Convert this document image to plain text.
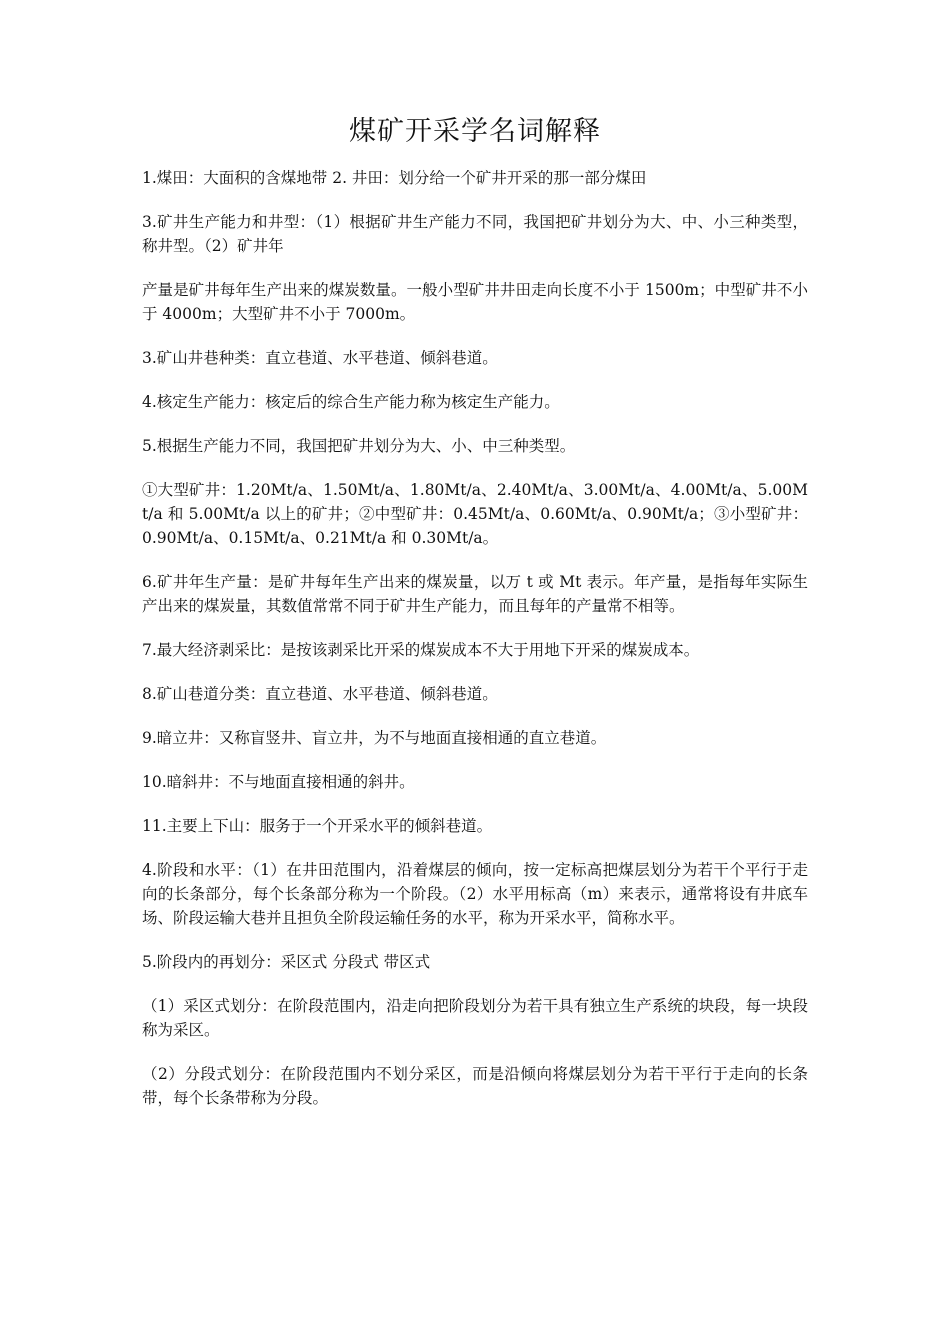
煤矿开采学名词解释

1.煤田：大面积的含煤地带 2. 井田：划分给一个矿井开采的那一部分煤田

3.矿井生产能力和井型：（1）根据矿井生产能力不同，我国把矿井划分为大、中、小三种类型，称井型。（2）矿井年

产量是矿井每年生产出来的煤炭数量。一般小型矿井井田走向长度不小于 1500m；中型矿井不小于 4000m；大型矿井不小于 7000m。

3.矿山井巷种类：直立巷道、水平巷道、倾斜巷道。

4.核定生产能力：核定后的综合生产能力称为核定生产能力。

5.根据生产能力不同，我国把矿井划分为大、小、中三种类型。

①大型矿井：1.20Mt/a、1.50Mt/a、1.80Mt/a、2.40Mt/a、3.00Mt/a、4.00Mt/a、5.00Mt/a 和 5.00Mt/a 以上的矿井；②中型矿井：0.45Mt/a、0.60Mt/a、0.90Mt/a；③小型矿井：0.90Mt/a、0.15Mt/a、0.21Mt/a 和 0.30Mt/a。

6.矿井年生产量：是矿井每年生产出来的煤炭量，以万 t 或 Mt 表示。年产量，是指每年实际生产出来的煤炭量，其数值常常不同于矿井生产能力，而且每年的产量常不相等。

7.最大经济剥采比：是按该剥采比开采的煤炭成本不大于用地下开采的煤炭成本。

8.矿山巷道分类：直立巷道、水平巷道、倾斜巷道。

9.暗立井：又称盲竖井、盲立井，为不与地面直接相通的直立巷道。

10.暗斜井：不与地面直接相通的斜井。

11.主要上下山：服务于一个开采水平的倾斜巷道。

4.阶段和水平：（1）在井田范围内，沿着煤层的倾向，按一定标高把煤层划分为若干个平行于走向的长条部分，每个长条部分称为一个阶段。（2）水平用标高（m）来表示，通常将设有井底车场、阶段运输大巷并且担负全阶段运输任务的水平，称为开采水平，简称水平。

5.阶段内的再划分：采区式 分段式 带区式

（1）采区式划分：在阶段范围内，沿走向把阶段划分为若干具有独立生产系统的块段，每一块段称为采区。

（2）分段式划分：在阶段范围内不划分采区，而是沿倾向将煤层划分为若干平行于走向的长条带，每个长条带称为分段。
